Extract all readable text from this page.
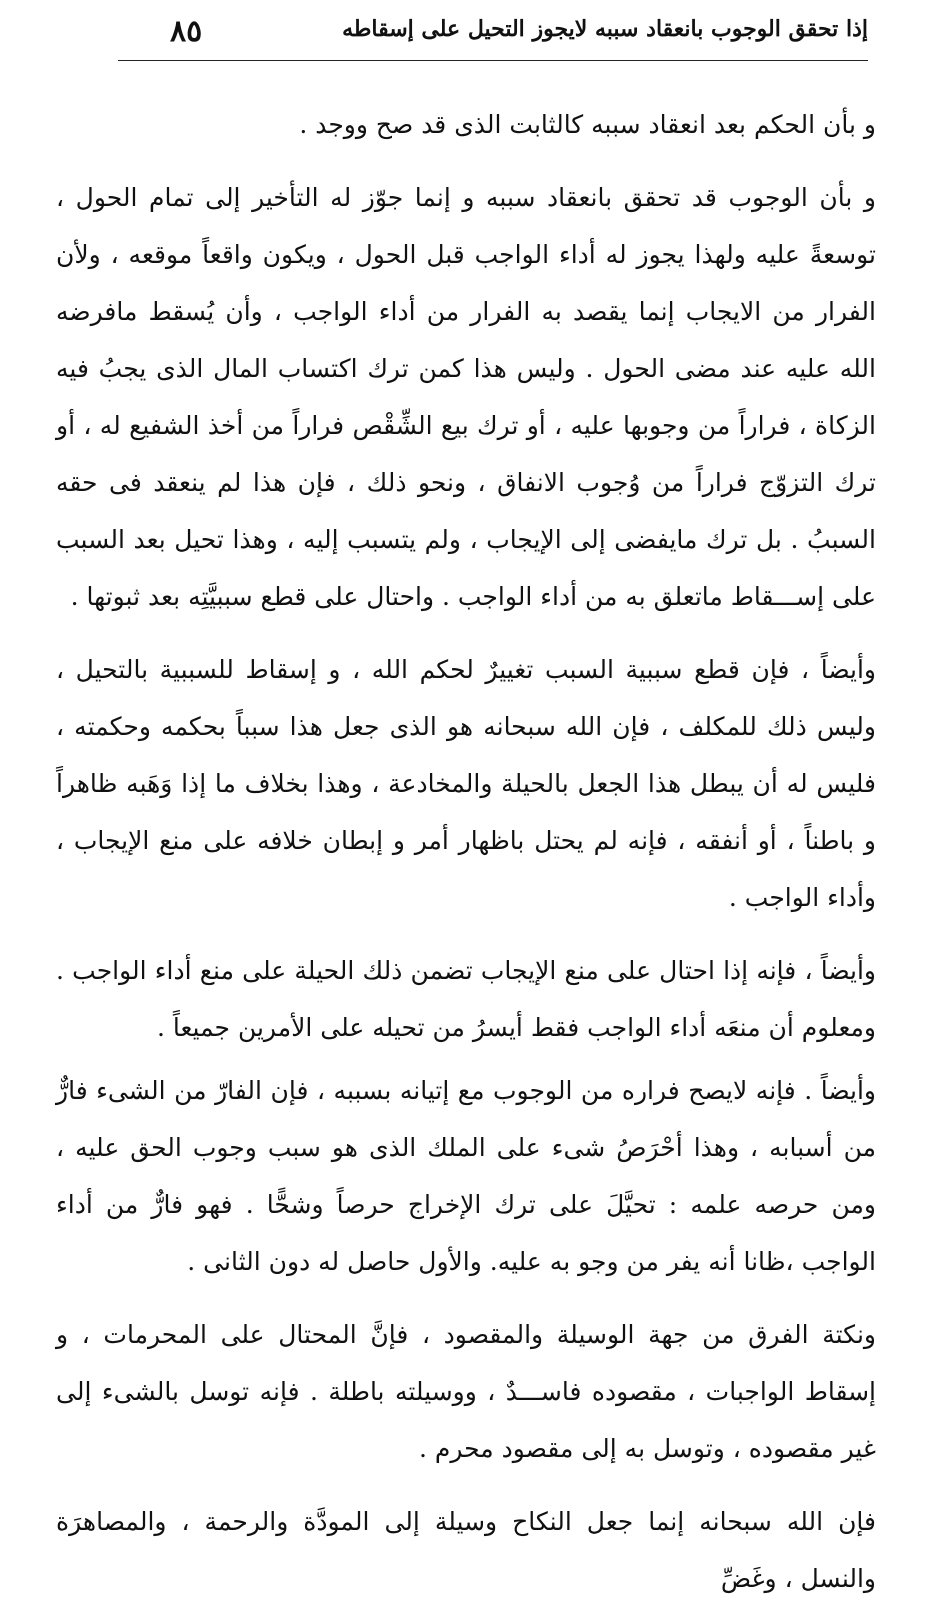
إذا تحقق الوجوب بانعقاد سببه لايجوز التحيل على إسقاطه
٨٥

و بأن الحكم بعد انعقاد سببه كالثابت الذى قد صح ووجد .

و بأن الوجوب قد تحقق بانعقاد سببه و إنما جوّز له التأخير إلى تمام الحول ، توسعةً عليه ولهذا يجوز له أداء الواجب قبل الحول ، ويكون واقعاً موقعه ، ولأن الفرار من الايجاب إنما يقصد به الفرار من أداء الواجب ، وأن يُسقط مافرضه الله عليه عند مضى الحول . وليس هذا كمن ترك اكتساب المال الذى يجبُ فيه الزكاة ، فراراً من وجوبها عليه ، أو ترك بيع الشِّقْص فراراً من أخذ الشفيع له ، أو ترك التزوّج فراراً من وُجوب الانفاق ، ونحو ذلك ، فإن هذا لم ينعقد فى حقه السببُ . بل ترك مايفضى إلى الإيجاب ، ولم يتسبب إليه ، وهذا تحيل بعد السبب على إســـقاط ماتعلق به من أداء الواجب . واحتال على قطع سببيَّتِه بعد ثبوتها .

وأيضاً ، فإن قطع سببية السبب تغييرٌ لحكم الله ، و إسقاط للسببية بالتحيل ، وليس ذلك للمكلف ، فإن الله سبحانه هو الذى جعل هذا سبباً بحكمه وحكمته ، فليس له أن يبطل هذا الجعل بالحيلة والمخادعة ، وهذا بخلاف ما إذا وَهَبه ظاهراً و باطناً ، أو أنفقه ، فإنه لم يحتل باظهار أمر و إبطان خلافه على منع الإيجاب ، وأداء الواجب .

وأيضاً ، فإنه إذا احتال على منع الإيجاب تضمن ذلك الحيلة على منع أداء الواجب . ومعلوم أن منعَه أداء الواجب فقط أيسرُ من تحيله على الأمرين جميعاً .

وأيضاً . فإنه لايصح فراره من الوجوب مع إتيانه بسببه ، فإن الفارّ من الشىء فارٌّ من أسبابه ، وهذا أحْرَصُ شىء على الملك الذى هو سبب وجوب الحق عليه ، ومن حرصه علمه : تحيَّلَ على ترك الإخراج حرصاً وشحًّا . فهو فارٌّ من أداء الواجب ،ظانا أنه يفر من وجو به عليه. والأول حاصل له دون الثانى .

ونكتة الفرق من جهة الوسيلة والمقصود ، فإنَّ المحتال على المحرمات ، و إسقاط الواجبات ، مقصوده فاســـدٌ ، ووسيلته باطلة . فإنه توسل بالشىء إلى غير مقصوده ، وتوسل به إلى مقصود محرم .

فإن الله سبحانه إنما جعل النكاح وسيلة إلى المودَّة والرحمة ، والمصاهرَة والنسل ، وغَضِّ
